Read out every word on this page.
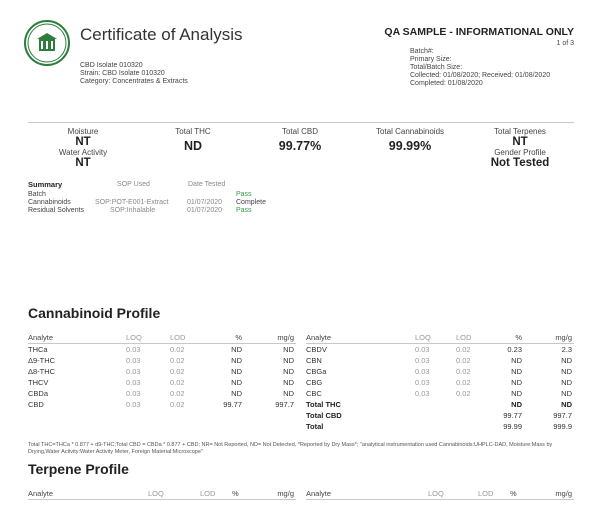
Certificate of Analysis
CBD Isolate 010320
Strain: CBD Isolate 010320
Category: Concentrates & Extracts
QA SAMPLE - INFORMATIONAL ONLY
1 of 3
Batch#:
Primary Size:
Total/Batch Size:
Collected: 01/08/2020; Received: 01/08/2020
Completed: 01/08/2020
Moisture
NT
Water Activity
NT
Total THC
ND
Total CBD
99.77%
Total Cannabinoids
99.99%
Total Terpenes
NT
Gender Profile
Not Tested
Summary	SOP Used	Date Tested
Batch	Pass
Cannabinoids	SOP:POT-E001-Extract	01/07/2020 Complete
Residual Solvents	SOP:Inhalable	01/07/2020 Pass
Cannabinoid Profile
Analyte	LOQ	LOD	%	mg/g Analyte	LOQ	LOD	%	mg/g
THCa	0.03	0.02	ND	ND
Δ9-THC	0.03	0.02	ND	ND
Δ8-THC	0.03	0.02	ND	ND
THCV	0.03	0.02	ND	ND
CBDa	0.03	0.02	ND	ND
CBD	0.03	0.02	99.77	997.7
CBDV	0.03	0.02	0.23	2.3
CBN	0.03	0.02	ND	ND
CBGa	0.03	0.02	ND	ND
CBG	0.03	0.02	ND	ND
CBC	0.03	0.02	ND	ND
Total THC	ND	ND
Total CBD	99.77	997.7
Total	99.99	999.9
Total THC=THCa * 0.877 + d9-THC;Total CBD = CBDa * 0.877 + CBD; NR= Not Reported, ND= Not Detected, *Reported by Dry Mass*; "analytical instrumentation used Cannabinoids:UHPLC-DAD, Moisture:Mass by Drying,Water Activity:Water Activity Meter, Foreign Material:Microscope"
Terpene Profile
Analyte	LOQ	LOD %	mg/g Analyte	LOQ	LOD %	mg/g
